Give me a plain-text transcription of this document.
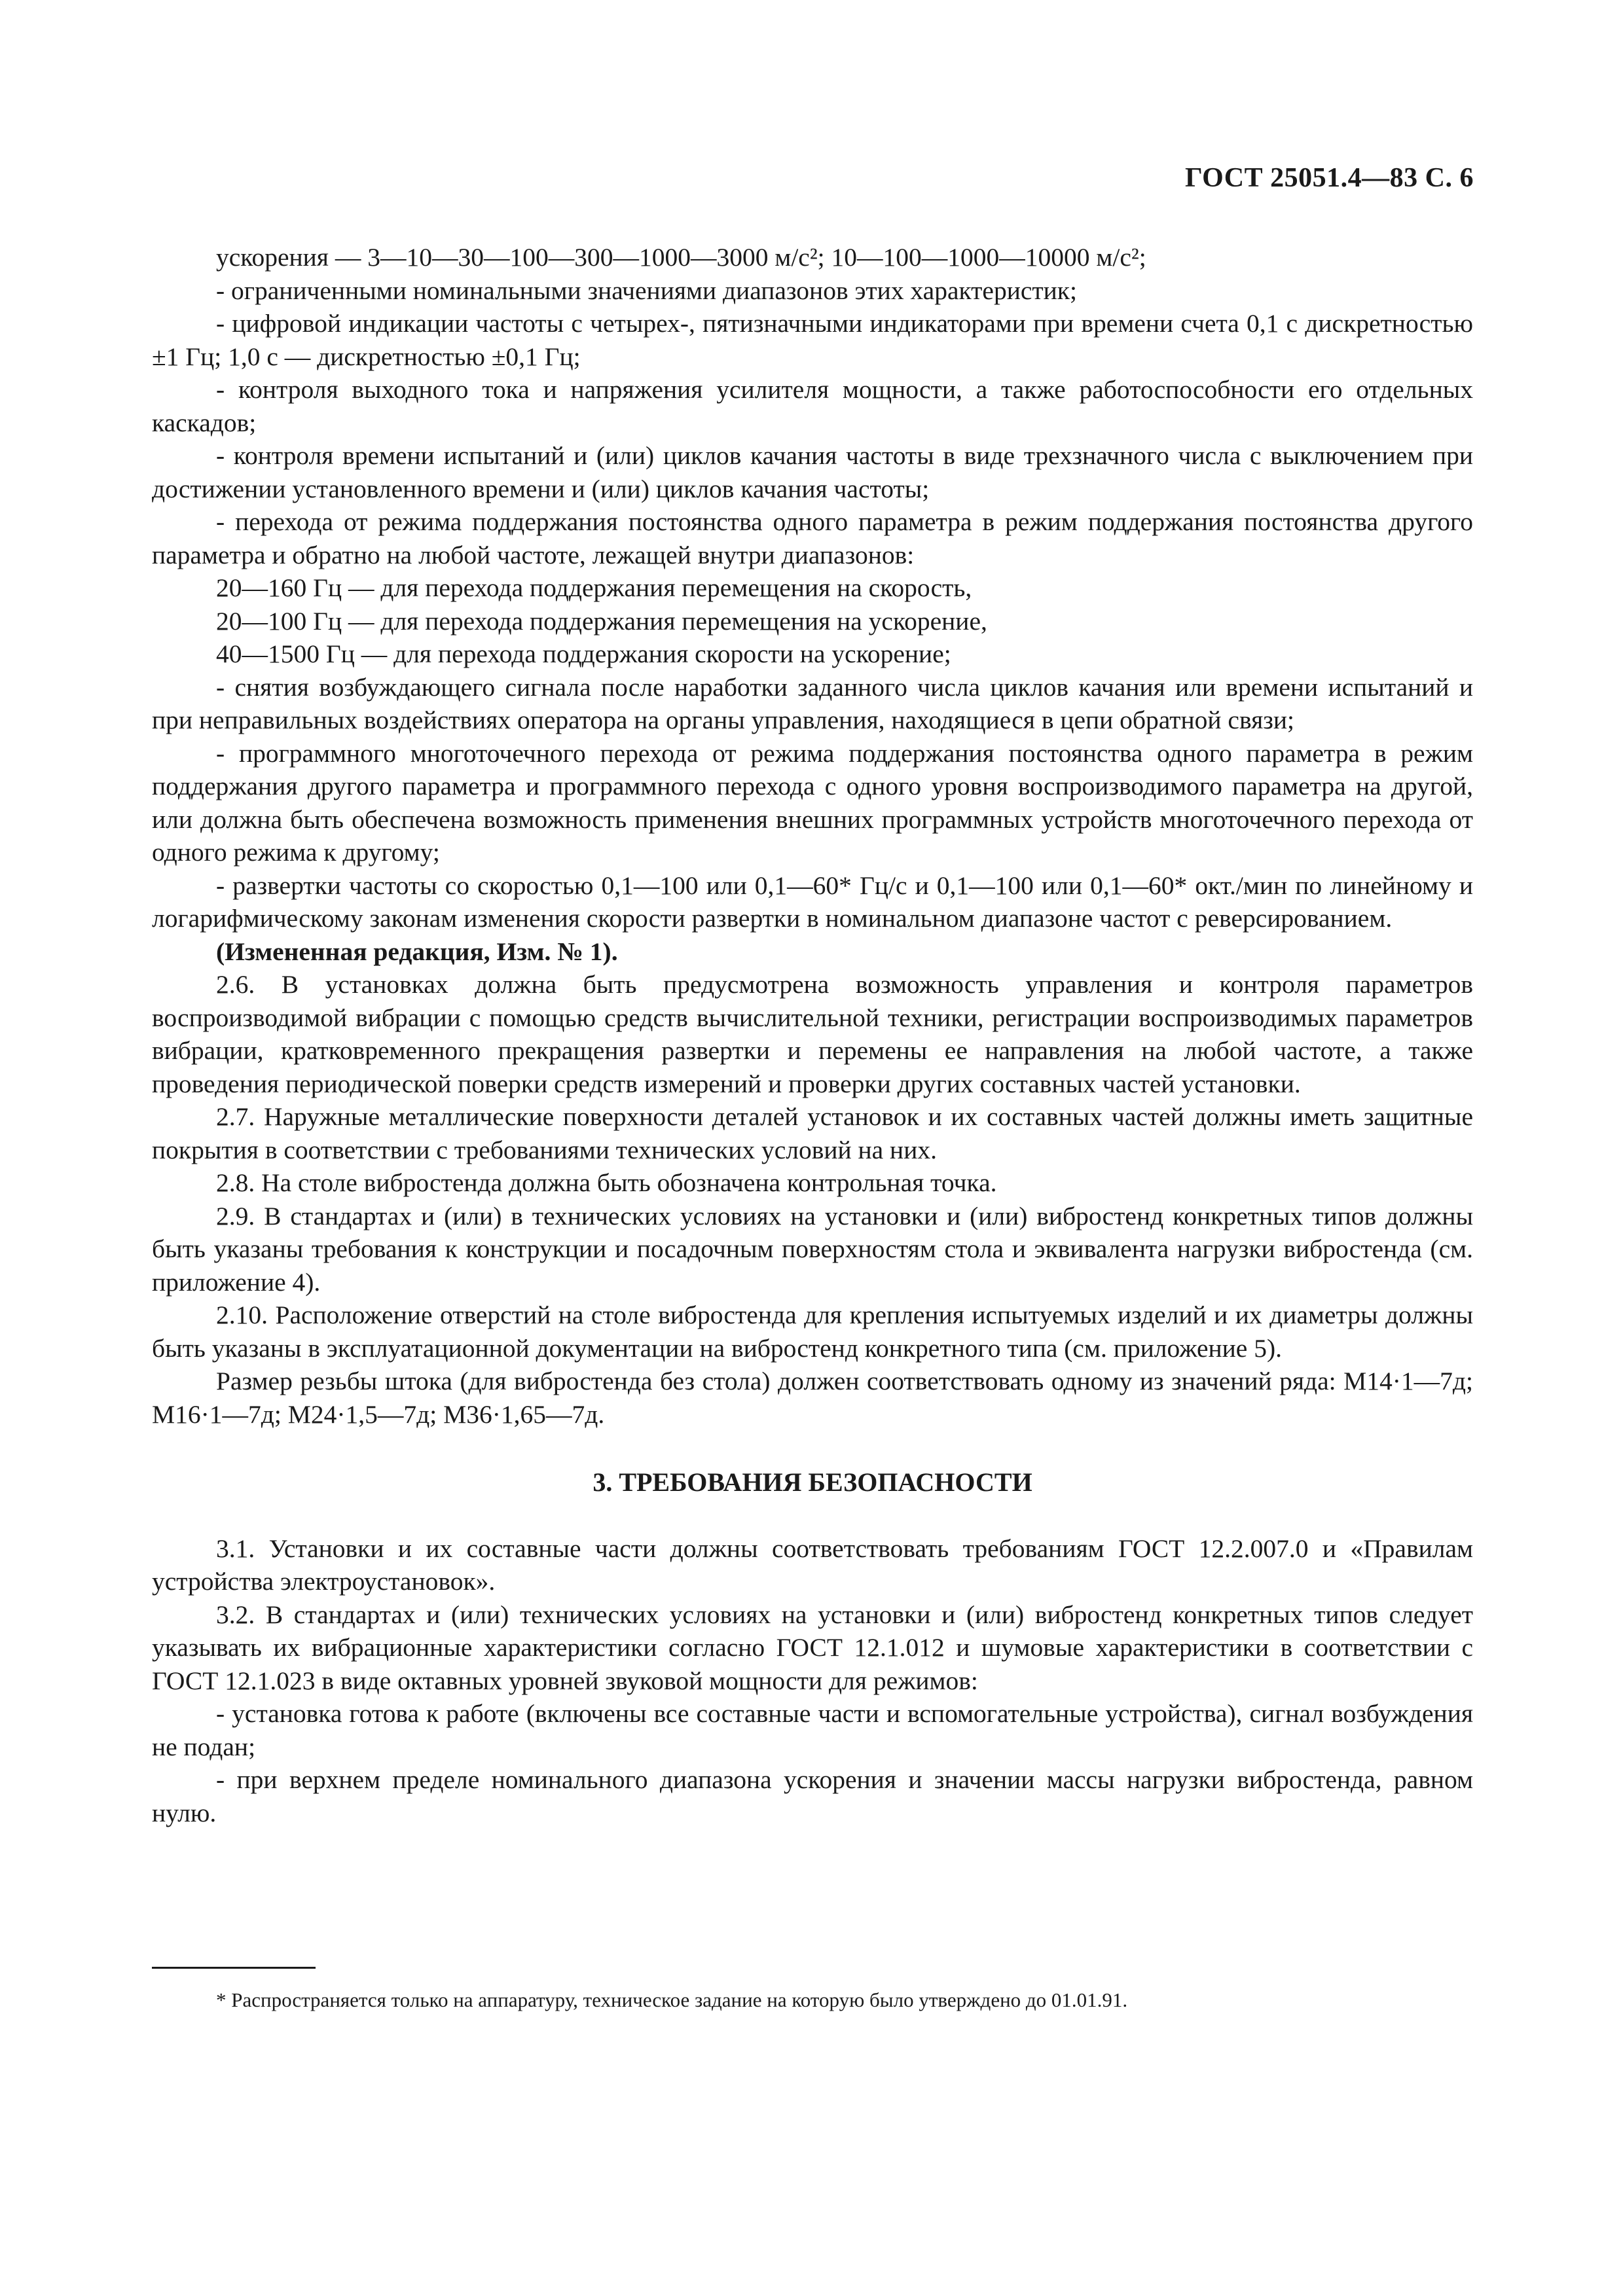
ГОСТ 25051.4—83 С. 6

ускорения — 3—10—30—100—300—1000—3000 м/с²; 10—100—1000—10000 м/с²;

- ограниченными номинальными значениями диапазонов этих характеристик;

- цифровой индикации частоты с четырех-, пятизначными индикаторами при времени счета 0,1 с дискретностью ±1 Гц; 1,0 с — дискретностью ±0,1 Гц;

- контроля выходного тока и напряжения усилителя мощности, а также работоспособности его отдельных каскадов;

- контроля времени испытаний и (или) циклов качания частоты в виде трехзначного числа с выключением при достижении установленного времени и (или) циклов качания частоты;

- перехода от режима поддержания постоянства одного параметра в режим поддержания постоянства другого параметра и обратно на любой частоте, лежащей внутри диапазонов:

20—160 Гц — для перехода поддержания перемещения на скорость,

20—100 Гц — для перехода поддержания перемещения на ускорение,

40—1500 Гц — для перехода поддержания скорости на ускорение;

- снятия возбуждающего сигнала после наработки заданного числа циклов качания или времени испытаний и при неправильных воздействиях оператора на органы управления, находящиеся в цепи обратной связи;

- программного многоточечного перехода от режима поддержания постоянства одного параметра в режим поддержания другого параметра и программного перехода с одного уровня воспроизводимого параметра на другой, или должна быть обеспечена возможность применения внешних программных устройств многоточечного перехода от одного режима к другому;

- развертки частоты со скоростью 0,1—100 или 0,1—60* Гц/с и 0,1—100 или 0,1—60* окт./мин по линейному и логарифмическому законам изменения скорости развертки в номинальном диапазоне частот с реверсированием.

(Измененная редакция, Изм. № 1).

2.6. В установках должна быть предусмотрена возможность управления и контроля параметров воспроизводимой вибрации с помощью средств вычислительной техники, регистрации воспроизводимых параметров вибрации, кратковременного прекращения развертки и перемены ее направления на любой частоте, а также проведения периодической поверки средств измерений и проверки других составных частей установки.

2.7. Наружные металлические поверхности деталей установок и их составных частей должны иметь защитные покрытия в соответствии с требованиями технических условий на них.

2.8. На столе вибростенда должна быть обозначена контрольная точка.

2.9. В стандартах и (или) в технических условиях на установки и (или) вибростенд конкретных типов должны быть указаны требования к конструкции и посадочным поверхностям стола и эквивалента нагрузки вибростенда (см. приложение 4).

2.10. Расположение отверстий на столе вибростенда для крепления испытуемых изделий и их диаметры должны быть указаны в эксплуатационной документации на вибростенд конкретного типа (см. приложение 5).

Размер резьбы штока (для вибростенда без стола) должен соответствовать одному из значений ряда: М14·1—7д; М16·1—7д; М24·1,5—7д; М36·1,65—7д.

3. ТРЕБОВАНИЯ БЕЗОПАСНОСТИ

3.1. Установки и их составные части должны соответствовать требованиям ГОСТ 12.2.007.0 и «Правилам устройства электроустановок».

3.2. В стандартах и (или) технических условиях на установки и (или) вибростенд конкретных типов следует указывать их вибрационные характеристики согласно ГОСТ 12.1.012 и шумовые характеристики в соответствии с ГОСТ 12.1.023 в виде октавных уровней звуковой мощности для режимов:

- установка готова к работе (включены все составные части и вспомогательные устройства), сигнал возбуждения не подан;

- при верхнем пределе номинального диапазона ускорения и значении массы нагрузки вибростенда, равном нулю.

* Распространяется только на аппаратуру, техническое задание на которую было утверждено до 01.01.91.
